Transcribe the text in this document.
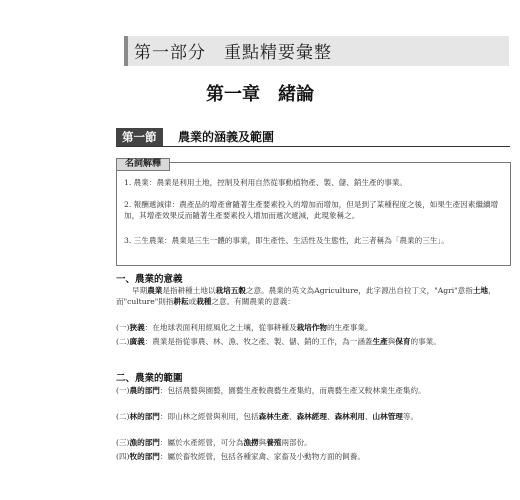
第一部分　重點精要彙整
第一章　緒論
第一節	農業的涵義及範圍
名詞解釋
1. 農業：農業是利用土地，控制及利用自然從事動植物產、製、儲、銷生產的事業。
2. 報酬遞減律：農產品的增產會隨著生產要素投入的增加而增加，但是到了某種程度之後，如果生產因素繼續增加，其增產效果反而隨著生產要素投入增加而遞次遞減，此現象稱之。
3. 三生農業：農業是三生一體的事業，即生產性、生活性及生態性，此三者稱為「農業的三生」。
一、農業的意義
早期農業是指耕種土地以栽培五穀之意。農業的英文為Agriculture，此字源出自拉丁文，"Agri"意指土地，而"culture"則指耕耘或栽種之意。有關農業的意義：
(一)狹義：在地球表面利用經風化之土壤，從事耕種及栽培作物的生產事業。
(二)廣義：農業是指從事農、林、漁、牧之產、製、儲、銷的工作，為一涵蓋生產與保育的事業。
二、農業的範圍
(一)農的部門：包括農藝與園藝，園藝生產較農藝生產集約，而農藝生產又較林業生產集約。
(二)林的部門：即山林之經營與利用，包括森林生產、森林經理、森林利用、山林管理等。
(三)漁的部門：屬於水產經營，可分為漁撈與養殖兩部份。
(四)牧的部門：屬於畜牧經營，包括各種家禽、家畜及小動物方面的飼養。
